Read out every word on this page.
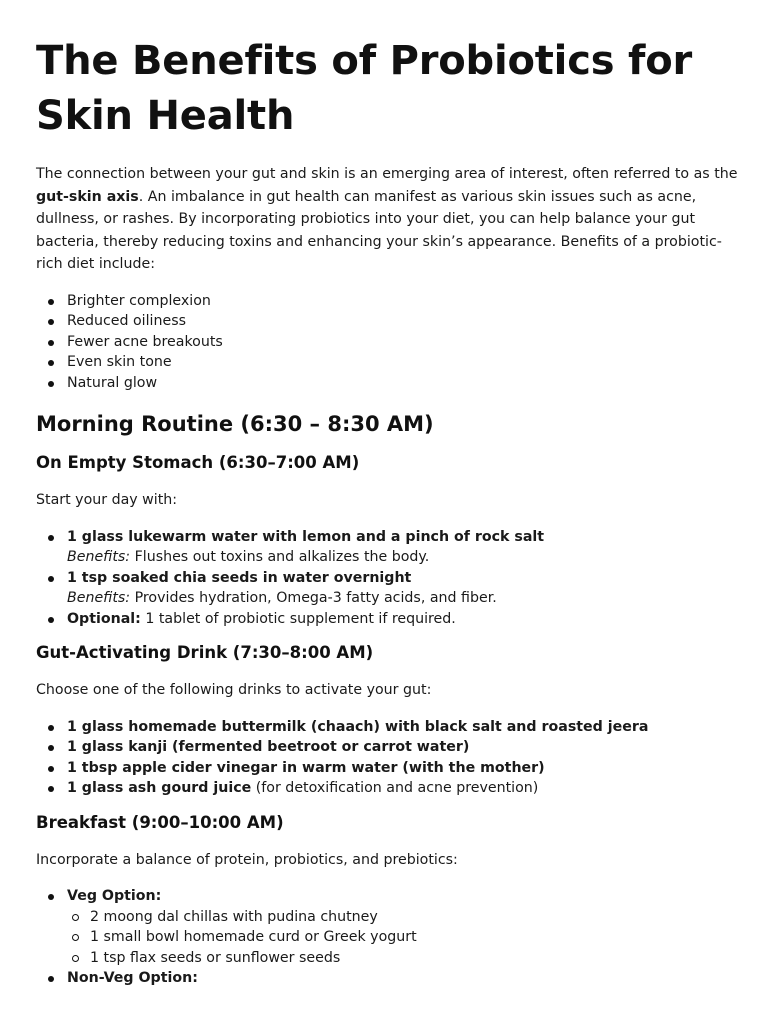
The Benefits of Probiotics for Skin Health

The connection between your gut and skin is an emerging area of interest, often referred to as the gut-skin axis. An imbalance in gut health can manifest as various skin issues such as acne, dullness, or rashes. By incorporating probiotics into your diet, you can help balance your gut bacteria, thereby reducing toxins and enhancing your skin’s appearance. Benefits of a probiotic-rich diet include:

Brighter complexion
Reduced oiliness
Fewer acne breakouts
Even skin tone
Natural glow
Morning Routine (6:30 – 8:30 AM)
On Empty Stomach (6:30–7:00 AM)

Start your day with:

1 glass lukewarm water with lemon and a pinch of rock salt
Benefits: Flushes out toxins and alkalizes the body.
1 tsp soaked chia seeds in water overnight
Benefits: Provides hydration, Omega-3 fatty acids, and fiber.
Optional: 1 tablet of probiotic supplement if required.
Gut-Activating Drink (7:30–8:00 AM)

Choose one of the following drinks to activate your gut:

1 glass homemade buttermilk (chaach) with black salt and roasted jeera
1 glass kanji (fermented beetroot or carrot water)
1 tbsp apple cider vinegar in warm water (with the mother)
1 glass ash gourd juice (for detoxification and acne prevention)
Breakfast (9:00–10:00 AM)

Incorporate a balance of protein, probiotics, and prebiotics:

Veg Option:
2 moong dal chillas with pudina chutney
1 small bowl homemade curd or Greek yogurt
1 tsp flax seeds or sunflower seeds
Non-Veg Option:
